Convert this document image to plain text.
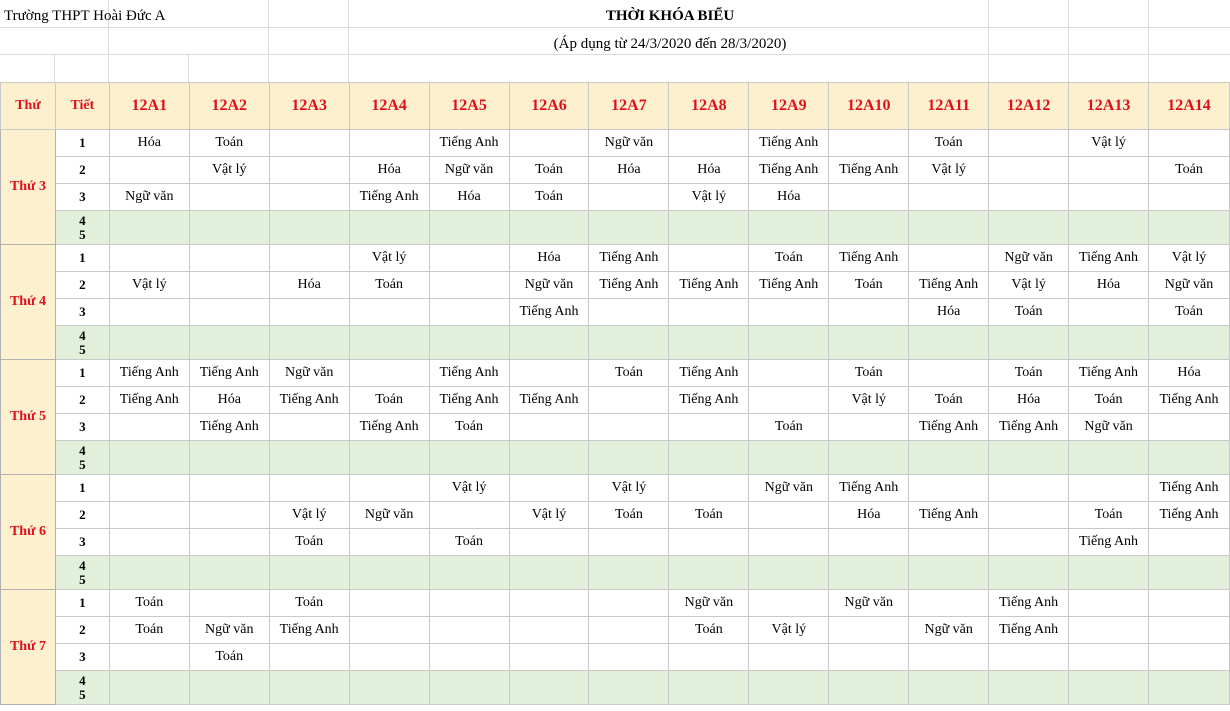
Trường THPT Hoài Đức A	THỜI KHÓA BIỂU
(Áp dụng từ 24/3/2020 đến 28/3/2020)
Thứ	Tiết	12A1	12A2	12A3	12A4	12A5	12A6	12A7	12A8	12A9	12A10	12A11	12A12	12A13	12A14
Thứ 3	1	Hóa	Toán			Tiếng Anh		Ngữ văn		Tiếng Anh		Toán		Vật lý	
	2		Vật lý		Hóa	Ngữ văn	Toán	Hóa	Hóa	Tiếng Anh	Tiếng Anh	Vật lý			Toán
	3	Ngữ văn			Tiếng Anh	Hóa	Toán		Vật lý	Hóa					

	4
5														

Thứ 4	1				Vật lý		Hóa	Tiếng Anh		Toán	Tiếng Anh		Ngữ văn	Tiếng Anh	Vật lý
	2	Vật lý		Hóa	Toán		Ngữ văn	Tiếng Anh	Tiếng Anh	Tiếng Anh	Toán	Tiếng Anh	Vật lý	Hóa	Ngữ văn
	3						Tiếng Anh					Hóa	Toán		Toán

	4
5														

Thứ 5	1	Tiếng Anh	Tiếng Anh	Ngữ văn		Tiếng Anh		Toán	Tiếng Anh		Toán		Toán	Tiếng Anh	Hóa
	2	Tiếng Anh	Hóa	Tiếng Anh	Toán	Tiếng Anh	Tiếng Anh		Tiếng Anh		Vật lý	Toán	Hóa	Toán	Tiếng Anh
	3		Tiếng Anh		Tiếng Anh	Toán				Toán		Tiếng Anh	Tiếng Anh	Ngữ văn	

	4
5														

Thứ 6	1					Vật lý		Vật lý		Ngữ văn	Tiếng Anh				Tiếng Anh
	2			Vật lý	Ngữ văn		Vật lý	Toán	Toán		Hóa	Tiếng Anh		Toán	Tiếng Anh
	3			Toán		Toán								Tiếng Anh	

	4
5														

Thứ 7	1	Toán		Toán					Ngữ văn		Ngữ văn		Tiếng Anh		
	2	Toán	Ngữ văn	Tiếng Anh					Toán	Vật lý		Ngữ văn	Tiếng Anh		
	3		Toán												

	4
5														
